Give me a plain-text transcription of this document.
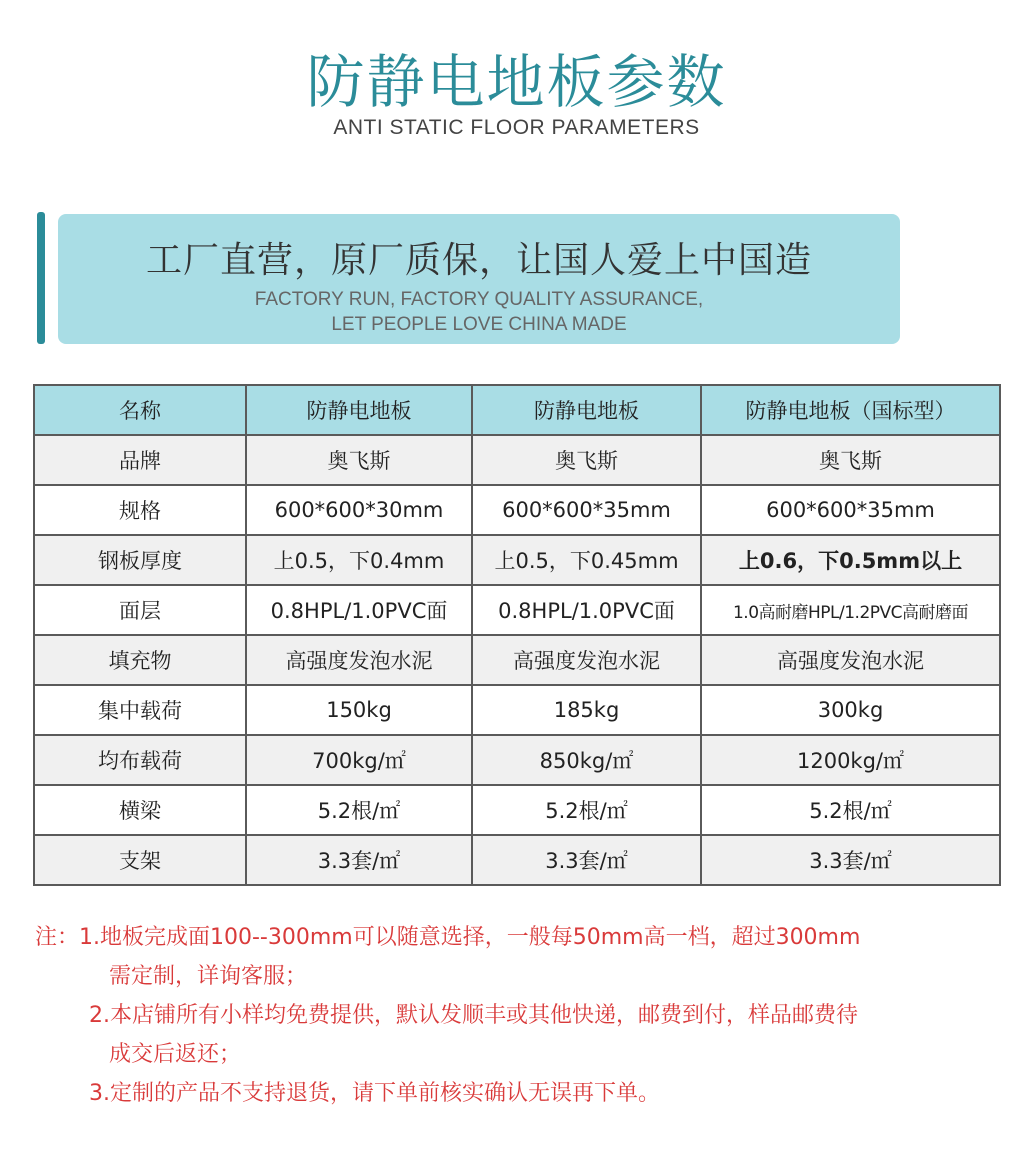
防静电地板参数
ANTI STATIC FLOOR PARAMETERS
工厂直营，原厂质保，让国人爱上中国造
FACTORY RUN, FACTORY QUALITY ASSURANCE,
LET PEOPLE LOVE CHINA MADE
名称	防静电地板	防静电地板	防静电地板（国标型）
品牌	奥飞斯	奥飞斯	奥飞斯
规格	600*600*30mm	600*600*35mm	600*600*35mm
钢板厚度	上0.5，下0.4mm	上0.5，下0.45mm	上0.6，下0.5mm以上
面层	0.8HPL/1.0PVC面	0.8HPL/1.0PVC面	1.0高耐磨HPL/1.2PVC高耐磨面
填充物	高强度发泡水泥	高强度发泡水泥	高强度发泡水泥
集中载荷	150kg	185kg	300kg
均布载荷	700kg/㎡	850kg/㎡	1200kg/㎡
横梁	5.2根/㎡	5.2根/㎡	5.2根/㎡
支架	3.3套/㎡	3.3套/㎡	3.3套/㎡
注：1.地板完成面100--300mm可以随意选择，一般每50mm高一档，超过300mm
需定制，详询客服；
2.本店铺所有小样均免费提供，默认发顺丰或其他快递，邮费到付，样品邮费待
成交后返还；
3.定制的产品不支持退货，请下单前核实确认无误再下单。
